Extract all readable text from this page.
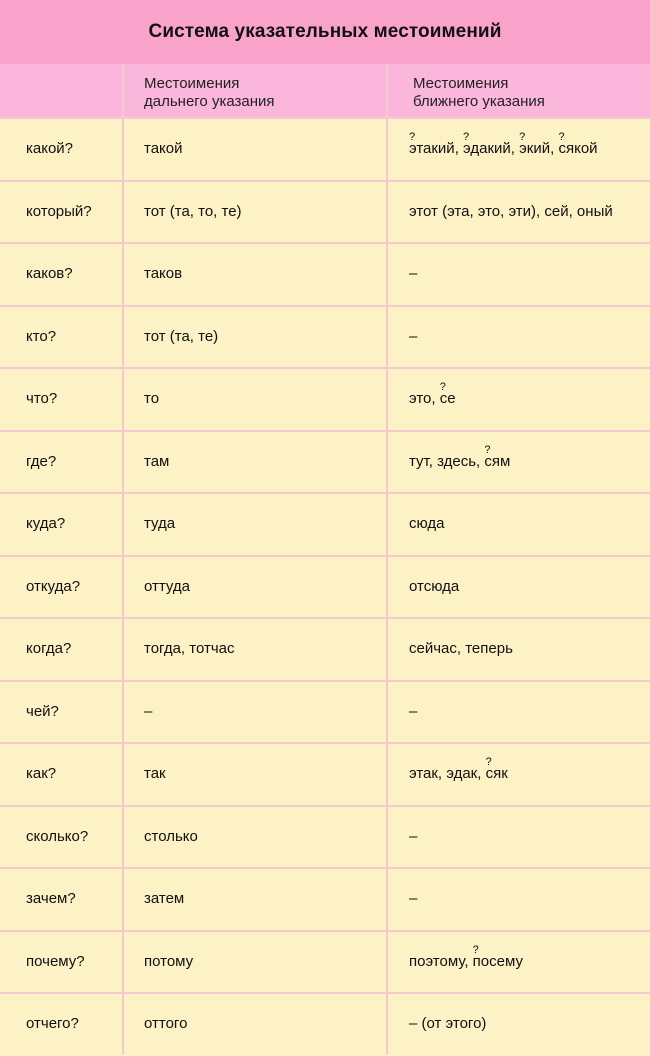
Система указательных местоимений
Местоимения
дальнего указания
Местоимения
ближнего указания
какой?	такой
?	этакий, ? эдакий, ? экий, ? сякой
который?	тот (та, то, те)	этот (эта, это, эти), сей, оный
каков?	таков	–
кто?	тот (та, те)	–
что?	то	это, ? се
где?	там	тут, здесь, ? сям
куда?	туда	сюда
откуда?	оттуда	отсюда
когда?	тогда, тотчас	сейчас, теперь
чей?	–	–
как?	так	этак, эдак, ? сяк
сколько?	столько	–
зачем?	затем	–
почему?	потому	поэтому, ? посему
отчего?	оттого	– (от этого)
